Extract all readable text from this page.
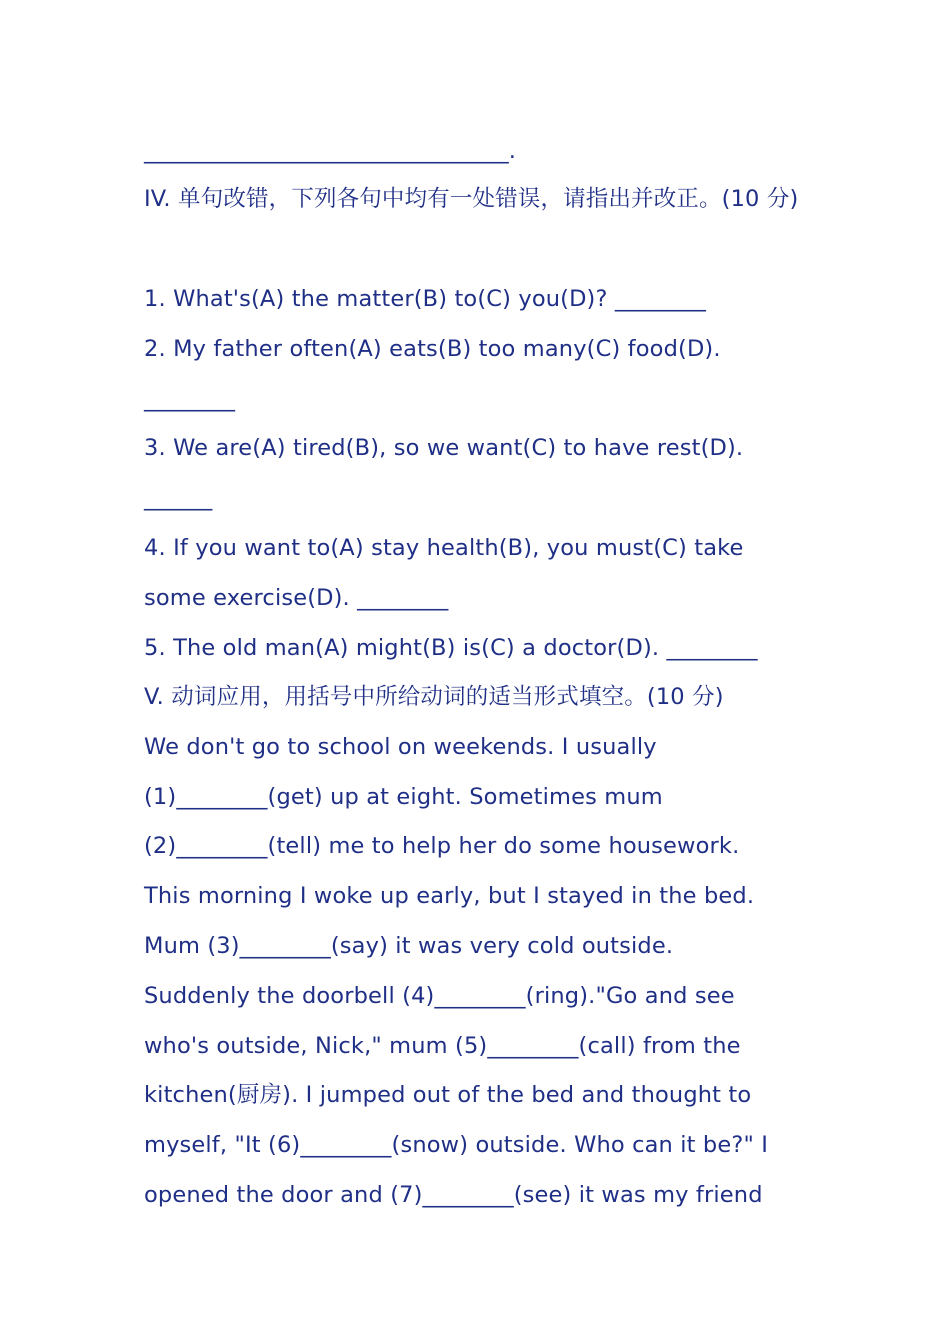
________________________________.
IV. 单句改错，下列各句中均有一处错误，请指出并改正。(10 分)
1. What's(A) the matter(B) to(C) you(D)? ________
2. My father often(A) eats(B) too many(C) food(D).
________
3. We are(A) tired(B), so we want(C) to have rest(D).
______
4. If you want to(A) stay health(B), you must(C) take
some exercise(D). ________
5. The old man(A) might(B) is(C) a doctor(D). ________
V. 动词应用，用括号中所给动词的适当形式填空。(10 分)
We don't go to school on weekends. I usually
(1)________(get) up at eight. Sometimes mum
(2)________(tell) me to help her do some housework.
This morning I woke up early, but I stayed in the bed.
Mum (3)________(say) it was very cold outside.
Suddenly the doorbell (4)________(ring)."Go and see
who's outside, Nick," mum (5)________(call) from the
kitchen(厨房). I jumped out of the bed and thought to
myself, "It (6)________(snow) outside. Who can it be?" I
opened the door and (7)________(see) it was my friend
